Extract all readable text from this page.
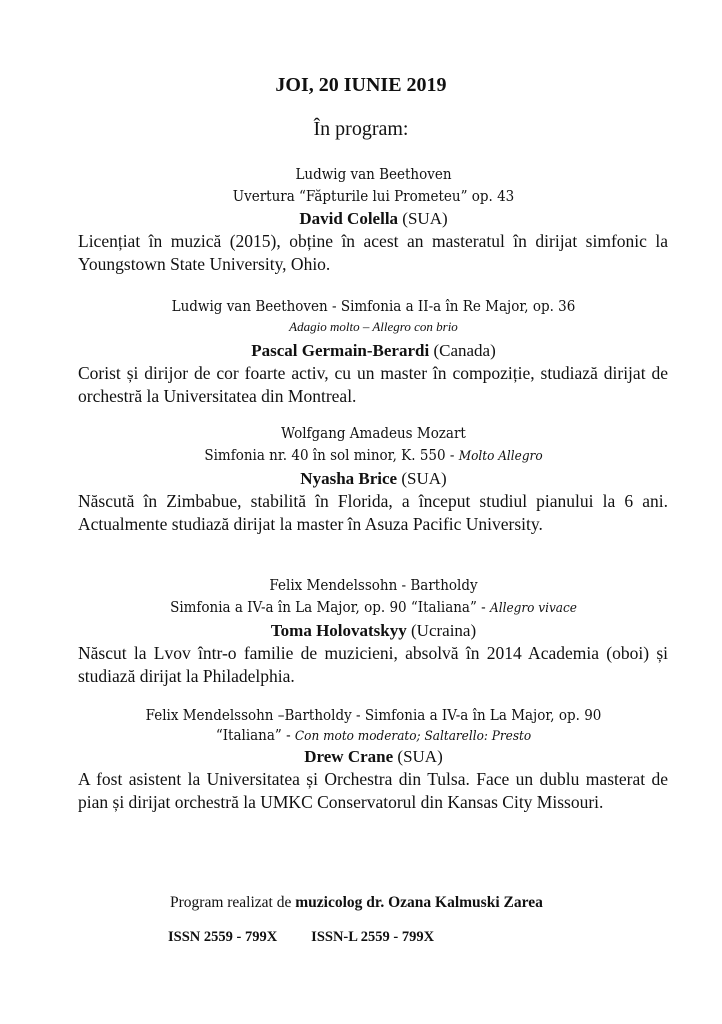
JOI, 20 IUNIE 2019
În program:
Ludwig van Beethoven
Uvertura “Făpturile lui Prometeu” op. 43
David Colella (SUA)
Licențiat în muzică (2015), obține în acest an masteratul în dirijat simfonic la Youngstown State University, Ohio.
Ludwig van Beethoven - Simfonia a II-a în Re Major, op. 36
Adagio molto – Allegro con brio
Pascal Germain-Berardi (Canada)
Corist și dirijor de cor foarte activ, cu un master în compoziție, studiază dirijat de orchestră la Universitatea din Montreal.
Wolfgang Amadeus Mozart
Simfonia nr. 40 în sol minor, K. 550 - Molto Allegro
Nyasha Brice (SUA)
Născută în Zimbabue, stabilită în Florida, a început studiul pianului la 6 ani. Actualmente studiază dirijat la master în Asuza Pacific University.
Felix Mendelssohn - Bartholdy
Simfonia a IV-a în La Major, op. 90 “Italiana” - Allegro vivace
Toma Holovatskyy (Ucraina)
Născut la Lvov într-o familie de muzicieni, absolvă în 2014 Academia (oboi) și studiază dirijat la Philadelphia.
Felix Mendelssohn –Bartholdy - Simfonia a IV-a în La Major, op. 90
“Italiana” - Con moto moderato; Saltarello: Presto
Drew Crane (SUA)
A fost asistent la Universitatea și Orchestra din Tulsa. Face un dublu masterat de pian și dirijat orchestră la UMKC Conservatorul din Kansas City Missouri.
Program realizat de muzicolog dr. Ozana Kalmuski Zarea
ISSN 2559 - 799X ISSN-L 2559 - 799X
